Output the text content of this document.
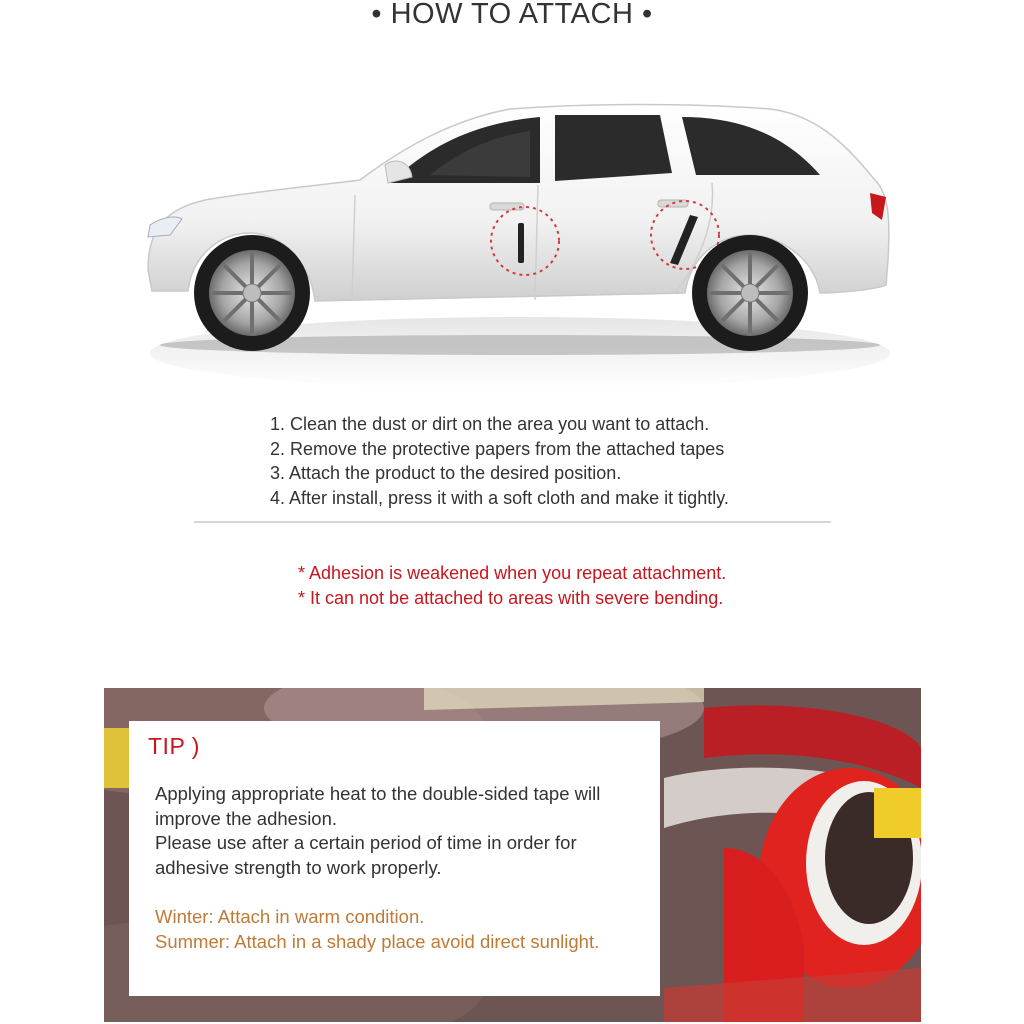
• HOW TO ATTACH •
1. Clean the dust or dirt on the area you want to attach.
2. Remove the protective papers from the attached tapes
3. Attach the product to the desired position.
4. After install, press it with a soft cloth and make it tightly.
* Adhesion is weakened when you repeat attachment.
* It can not be attached to areas with severe bending.
TIP )
Applying appropriate heat to the double-sided tape will
improve the adhesion.
Please use after a certain period of time in order for
adhesive strength to work properly.
Winter: Attach in warm condition.
Summer: Attach in a shady place avoid direct sunlight.
